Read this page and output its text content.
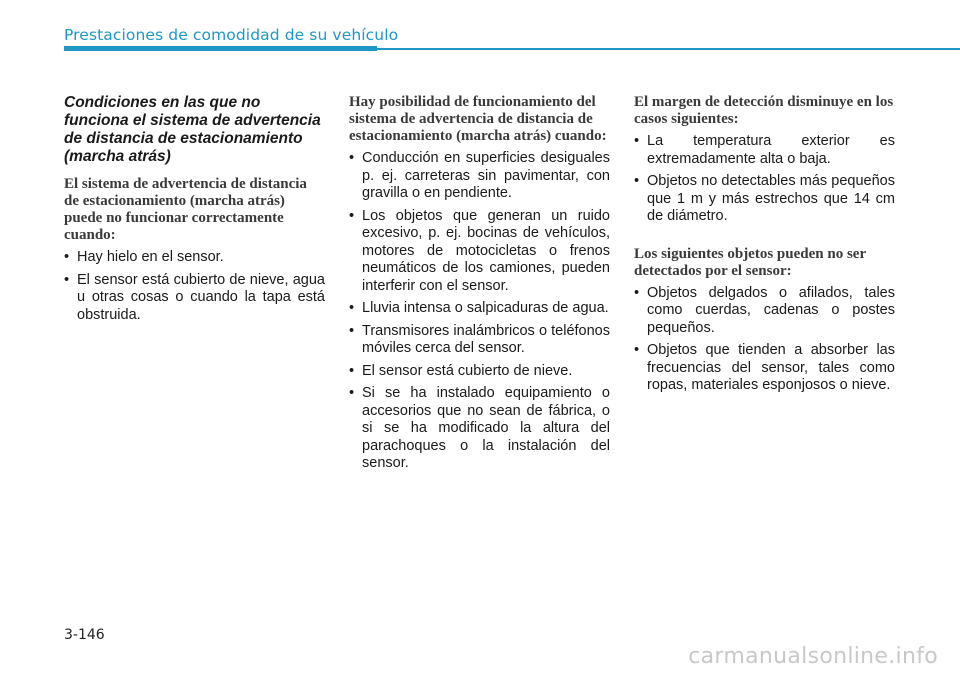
Prestaciones de comodidad de su vehículo
Condiciones en las que no funciona el sistema de advertencia de distancia de estacionamiento (marcha atrás)
El sistema de advertencia de distancia de estacionamiento (marcha atrás) puede no funcionar correctamente cuando:
• Hay hielo en el sensor.
• El sensor está cubierto de nieve, agua u otras cosas o cuando la tapa está obstruida.
Hay posibilidad de funcionamiento del sistema de advertencia de distancia de estacionamiento (marcha atrás) cuando:
• Conducción en superficies desiguales p. ej. carreteras sin pavimentar, con gravilla o en pendiente.
• Los objetos que generan un ruido excesivo, p. ej. bocinas de vehículos, motores de motocicletas o frenos neumáticos de los camiones, pueden interferir con el sensor.
• Lluvia intensa o salpicaduras de agua.
• Transmisores inalámbricos o teléfonos móviles cerca del sensor.
• El sensor está cubierto de nieve.
• Si se ha instalado equipamiento o accesorios que no sean de fábrica, o si se ha modificado la altura del parachoques o la instalación del sensor.
El margen de detección disminuye en los casos siguientes:
• La temperatura exterior es extremadamente alta o baja.
• Objetos no detectables más pequeños que 1 m y más estrechos que 14 cm de diámetro.
Los siguientes objetos pueden no ser detectados por el sensor:
• Objetos delgados o afilados, tales como cuerdas, cadenas o postes pequeños.
• Objetos que tienden a absorber las frecuencias del sensor, tales como ropas, materiales esponjosos o nieve.
3-146
carmanualsonline.info
